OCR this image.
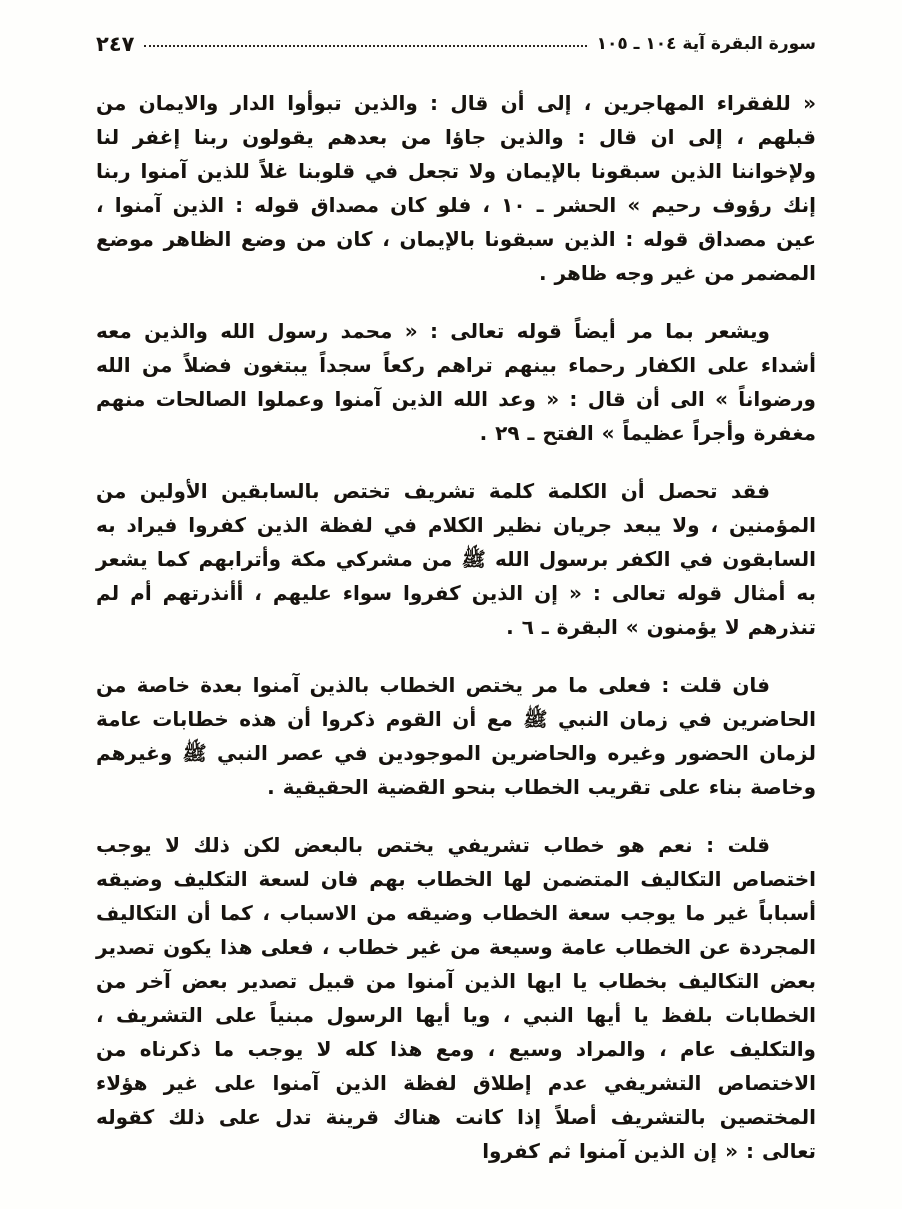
سورة البقرة آية ١٠٤ ـ ١٠٥
٢٤٧

« للفقراء المهاجرين ، إلى أن قال : والذين تبوأوا الدار والايمان من قبلهم ، إلى ان قال : والذين جاؤا من بعدهم يقولون ربنا إغفر لنا ولإخواننا الذين سبقونا بالإيمان ولا تجعل في قلوبنا غلاً للذين آمنوا ربنا إنك رؤوف رحيم » الحشر ـ ١٠ ، فلو كان مصداق قوله : الذين آمنوا ، عين مصداق قوله : الذين سبقونا بالإيمان ، كان من وضع الظاهر موضع المضمر من غير وجه ظاهر .

ويشعر بما مر أيضاً قوله تعالى : « محمد رسول الله والذين معه أشداء على الكفار رحماء بينهم تراهم ركعاً سجداً يبتغون فضلاً من الله ورضواناً » الى أن قال : « وعد الله الذين آمنوا وعملوا الصالحات منهم مغفرة وأجراً عظيماً » الفتح ـ ٢٩ .

فقد تحصل أن الكلمة كلمة تشريف تختص بالسابقين الأولين من المؤمنين ، ولا يبعد جريان نظير الكلام في لفظة الذين كفروا فيراد به السابقون في الكفر برسول الله ﷺ من مشركي مكة وأترابهم كما يشعر به أمثال قوله تعالى : « إن الذين كفروا سواء عليهم ، أأنذرتهم أم لم تنذرهم لا يؤمنون » البقرة ـ ٦ .

فان قلت : فعلى ما مر يختص الخطاب بالذين آمنوا بعدة خاصة من الحاضرين في زمان النبي ﷺ مع أن القوم ذكروا أن هذه خطابات عامة لزمان الحضور وغيره والحاضرين الموجودين في عصر النبي ﷺ وغيرهم وخاصة بناء على تقريب الخطاب بنحو القضية الحقيقية .

قلت : نعم هو خطاب تشريفي يختص بالبعض لكن ذلك لا يوجب اختصاص التكاليف المتضمن لها الخطاب بهم فان لسعة التكليف وضيقه أسباباً غير ما يوجب سعة الخطاب وضيقه من الاسباب ، كما أن التكاليف المجردة عن الخطاب عامة وسيعة من غير خطاب ، فعلى هذا يكون تصدير بعض التكاليف بخطاب يا ايها الذين آمنوا من قبيل تصدير بعض آخر من الخطابات بلفظ يا أيها النبي ، ويا أيها الرسول مبنياً على التشريف ، والتكليف عام ، والمراد وسيع ، ومع هذا كله لا يوجب ما ذكرناه من الاختصاص التشريفي عدم إطلاق لفظة الذين آمنوا على غير هؤلاء المختصين بالتشريف أصلاً إذا كانت هناك قرينة تدل على ذلك كقوله تعالى : « إن الذين آمنوا ثم كفروا
